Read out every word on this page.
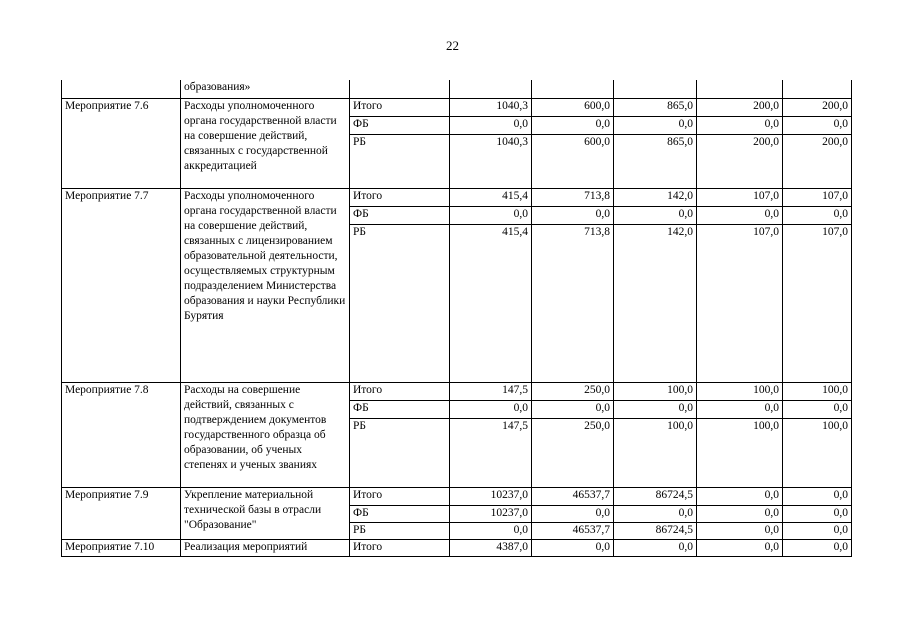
22
	образования»						
Мероприятие 7.6	Расходы уполномоченного органа государственной власти на совершение действий, связанных с государственной аккредитацией	Итого	1040,3	600,0	865,0	200,0	200,0
		ФБ	0,0	0,0	0,0	0,0	0,0
		РБ	1040,3	600,0	865,0	200,0	200,0
Мероприятие 7.7	Расходы уполномоченного органа государственной власти на совершение действий, связанных с лицензированием образовательной деятельности, осуществляемых структурным подразделением Министерства образования и науки Республики Бурятия	Итого	415,4	713,8	142,0	107,0	107,0
		ФБ	0,0	0,0	0,0	0,0	0,0
		РБ	415,4	713,8	142,0	107,0	107,0
Мероприятие 7.8	Расходы на совершение действий, связанных с подтверждением документов государственного образца об образовании, об ученых степенях и ученых званиях	Итого	147,5	250,0	100,0	100,0	100,0
		ФБ	0,0	0,0	0,0	0,0	0,0
		РБ	147,5	250,0	100,0	100,0	100,0
Мероприятие 7.9	Укрепление материальной технической базы в отрасли "Образование"	Итого	10237,0	46537,7	86724,5	0,0	0,0
		ФБ	10237,0	0,0	0,0	0,0	0,0
		РБ	0,0	46537,7	86724,5	0,0	0,0
Мероприятие 7.10	Реализация мероприятий	Итого	4387,0	0,0	0,0	0,0	0,0
